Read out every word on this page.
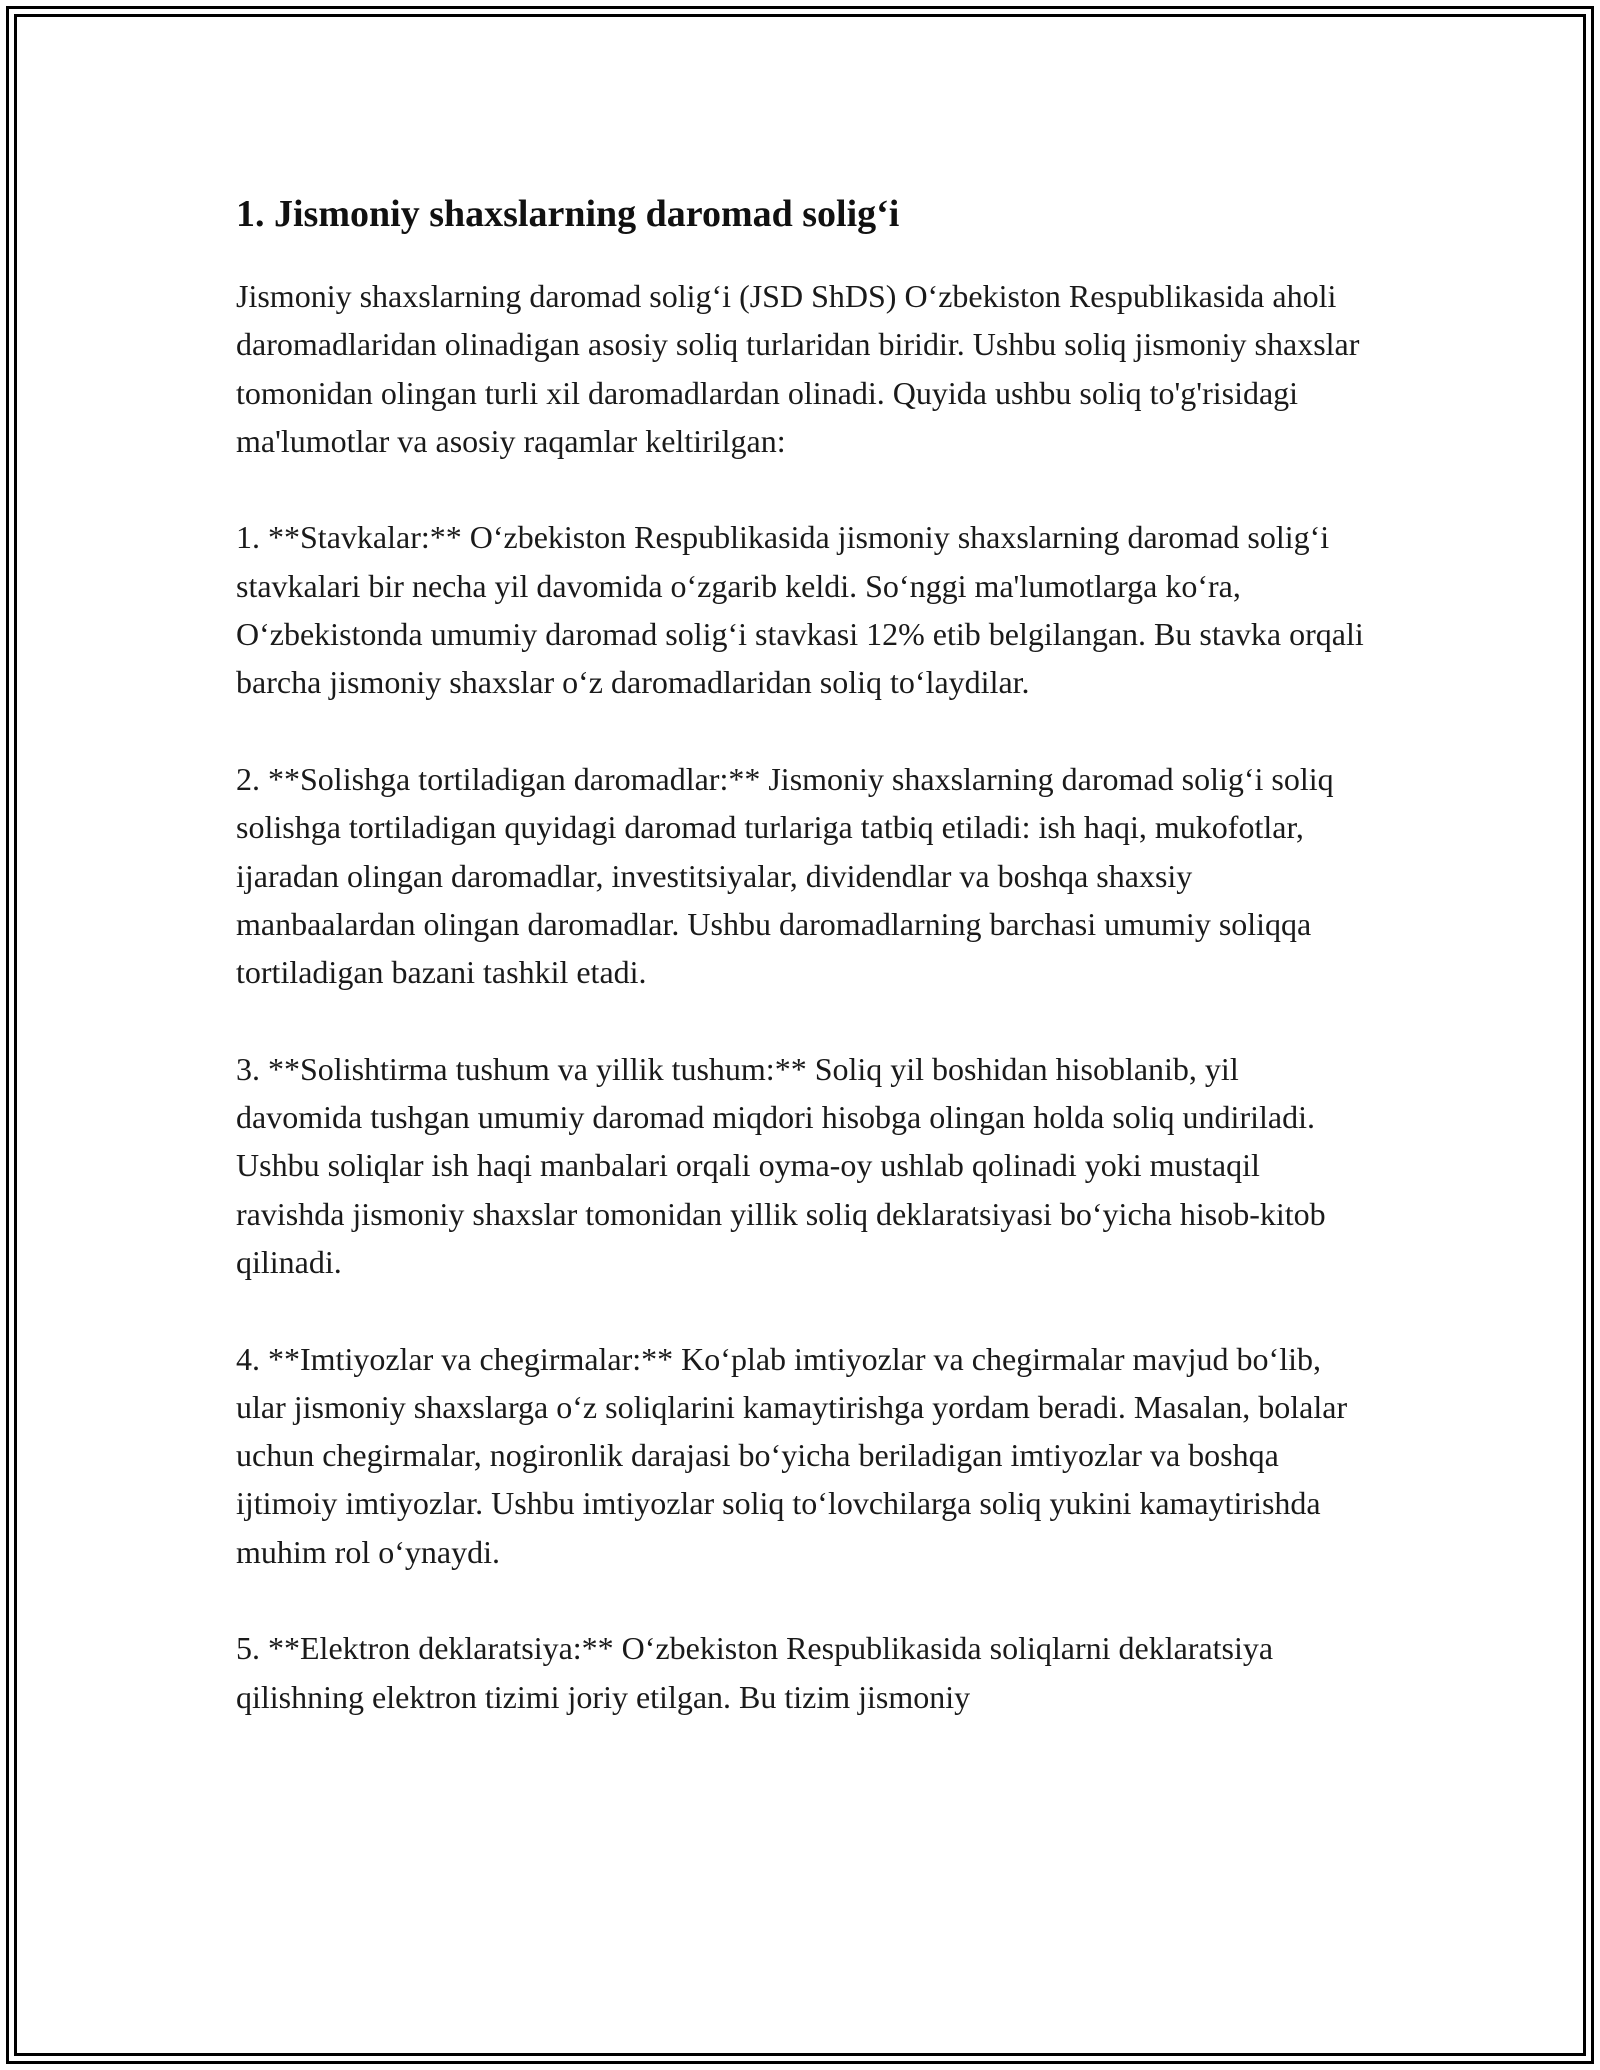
1. Jismoniy shaxslarning daromad solig‘i

Jismoniy shaxslarning daromad solig‘i (JSD ShDS) O‘zbekiston Respublikasida aholi daromadlaridan olinadigan asosiy soliq turlaridan biridir. Ushbu soliq jismoniy shaxslar tomonidan olingan turli xil daromadlardan olinadi. Quyida ushbu soliq to'g'risidagi ma'lumotlar va asosiy raqamlar keltirilgan:

1. **Stavkalar:** O‘zbekiston Respublikasida jismoniy shaxslarning daromad solig‘i stavkalari bir necha yil davomida o‘zgarib keldi. So‘nggi ma'lumotlarga ko‘ra, O‘zbekistonda umumiy daromad solig‘i stavkasi 12% etib belgilangan. Bu stavka orqali barcha jismoniy shaxslar o‘z daromadlaridan soliq to‘laydilar.

2. **Solishga tortiladigan daromadlar:** Jismoniy shaxslarning daromad solig‘i soliq solishga tortiladigan quyidagi daromad turlariga tatbiq etiladi: ish haqi, mukofotlar, ijaradan olingan daromadlar, investitsiyalar, dividendlar va boshqa shaxsiy manbaalardan olingan daromadlar. Ushbu daromadlarning barchasi umumiy soliqqa tortiladigan bazani tashkil etadi.

3. **Solishtirma tushum va yillik tushum:** Soliq yil boshidan hisoblanib, yil davomida tushgan umumiy daromad miqdori hisobga olingan holda soliq undiriladi. Ushbu soliqlar ish haqi manbalari orqali oyma-oy ushlab qolinadi yoki mustaqil ravishda jismoniy shaxslar tomonidan yillik soliq deklaratsiyasi bo‘yicha hisob-kitob qilinadi.

4. **Imtiyozlar va chegirmalar:** Ko‘plab imtiyozlar va chegirmalar mavjud bo‘lib, ular jismoniy shaxslarga o‘z soliqlarini kamaytirishga yordam beradi. Masalan, bolalar uchun chegirmalar, nogironlik darajasi bo‘yicha beriladigan imtiyozlar va boshqa ijtimoiy imtiyozlar. Ushbu imtiyozlar soliq to‘lovchilarga soliq yukini kamaytirishda muhim rol o‘ynaydi.

5. **Elektron deklaratsiya:** O‘zbekiston Respublikasida soliqlarni deklaratsiya qilishning elektron tizimi joriy etilgan. Bu tizim jismoniy
